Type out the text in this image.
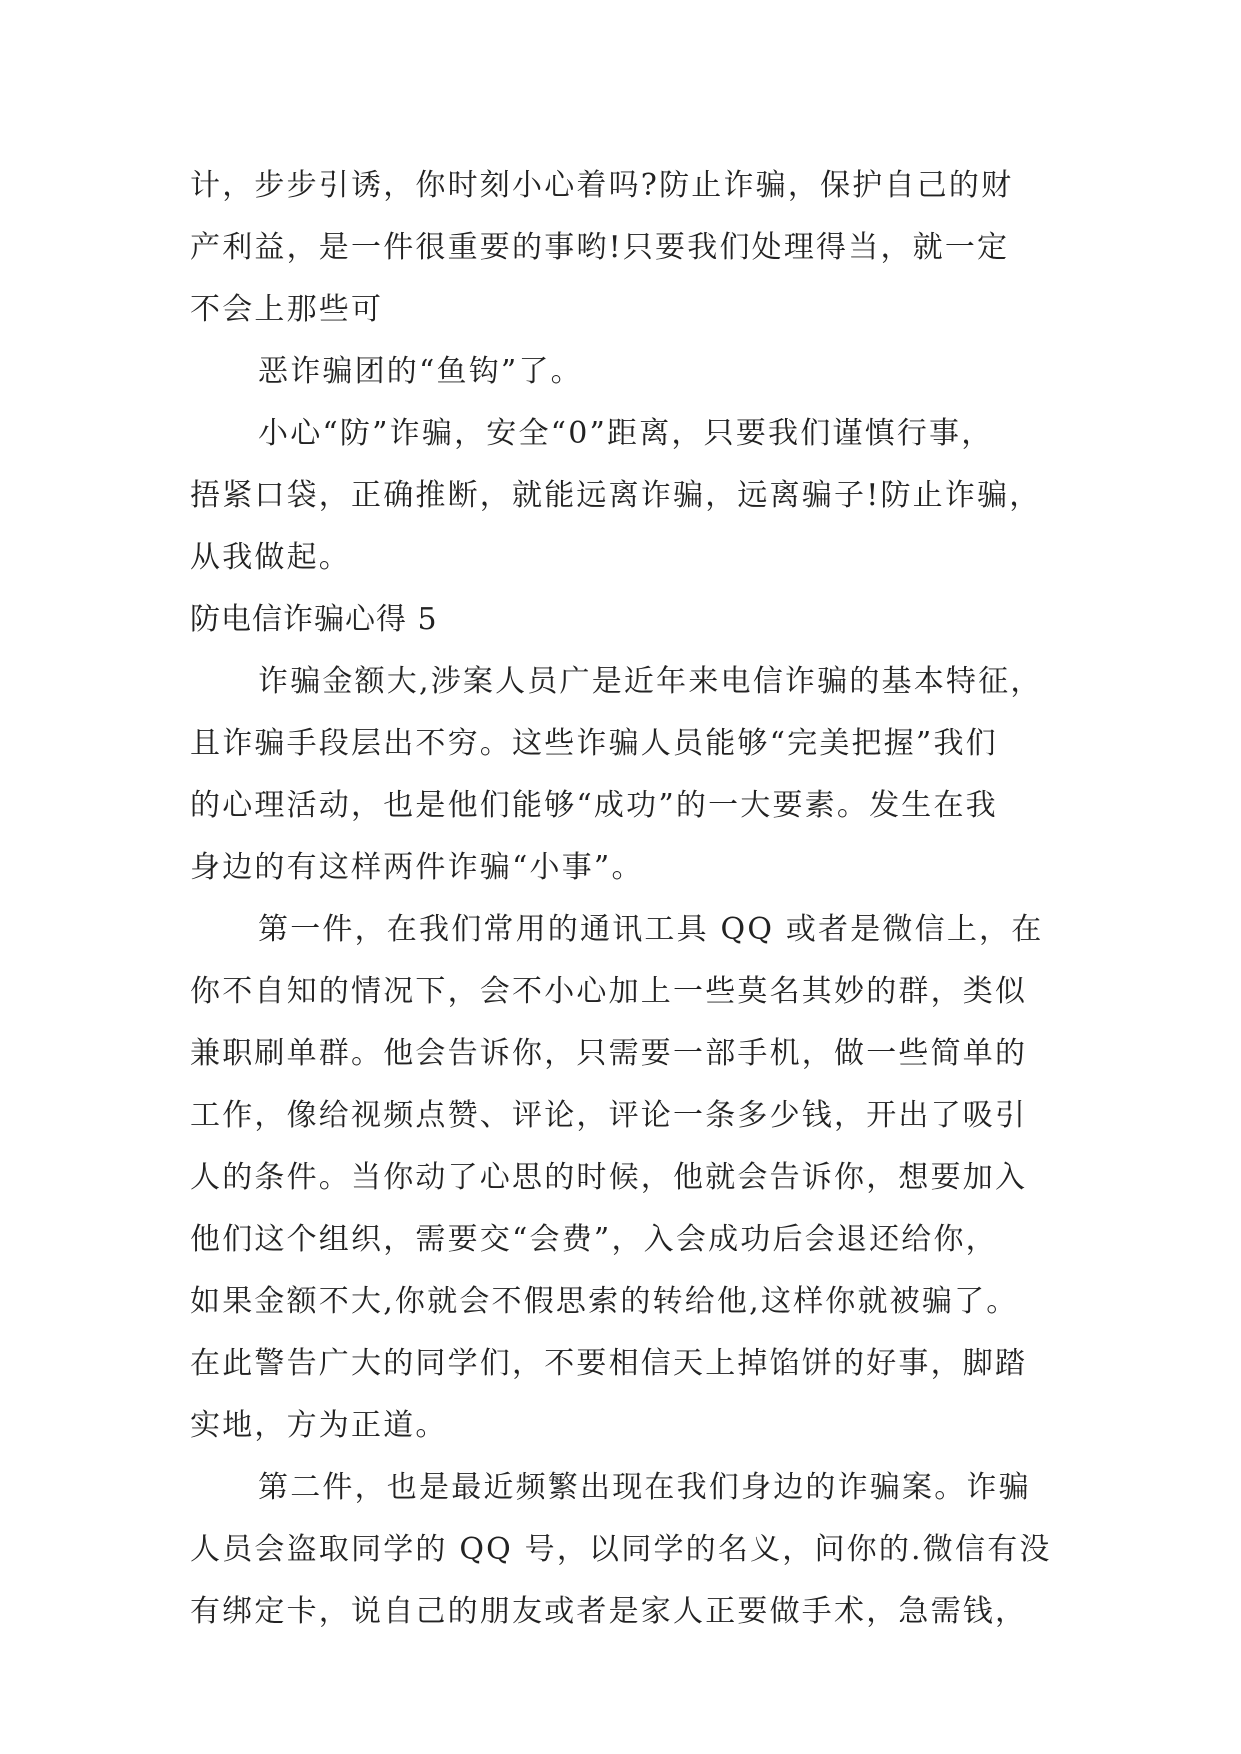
计，步步引诱，你时刻小心着吗?防止诈骗，保护自己的财
产利益，是一件很重要的事哟!只要我们处理得当，就一定
不会上那些可
恶诈骗团的“鱼钩”了。
小心“防”诈骗，安全“0”距离，只要我们谨慎行事，
捂紧口袋，正确推断，就能远离诈骗，远离骗子!防止诈骗，
从我做起。
防电信诈骗心得 5
诈骗金额大,涉案人员广是近年来电信诈骗的基本特征，
且诈骗手段层出不穷。这些诈骗人员能够“完美把握”我们
的心理活动，也是他们能够“成功”的一大要素。发生在我
身边的有这样两件诈骗“小事”。
第一件，在我们常用的通讯工具 QQ 或者是微信上，在
你不自知的情况下，会不小心加上一些莫名其妙的群，类似
兼职刷单群。他会告诉你，只需要一部手机，做一些简单的
工作，像给视频点赞、评论，评论一条多少钱，开出了吸引
人的条件。当你动了心思的时候，他就会告诉你，想要加入
他们这个组织，需要交“会费”，入会成功后会退还给你，
如果金额不大,你就会不假思索的转给他,这样你就被骗了。
在此警告广大的同学们，不要相信天上掉馅饼的好事，脚踏
实地，方为正道。
第二件，也是最近频繁出现在我们身边的诈骗案。诈骗
人员会盗取同学的 QQ 号，以同学的名义，问你的.微信有没
有绑定卡，说自己的朋友或者是家人正要做手术，急需钱，
